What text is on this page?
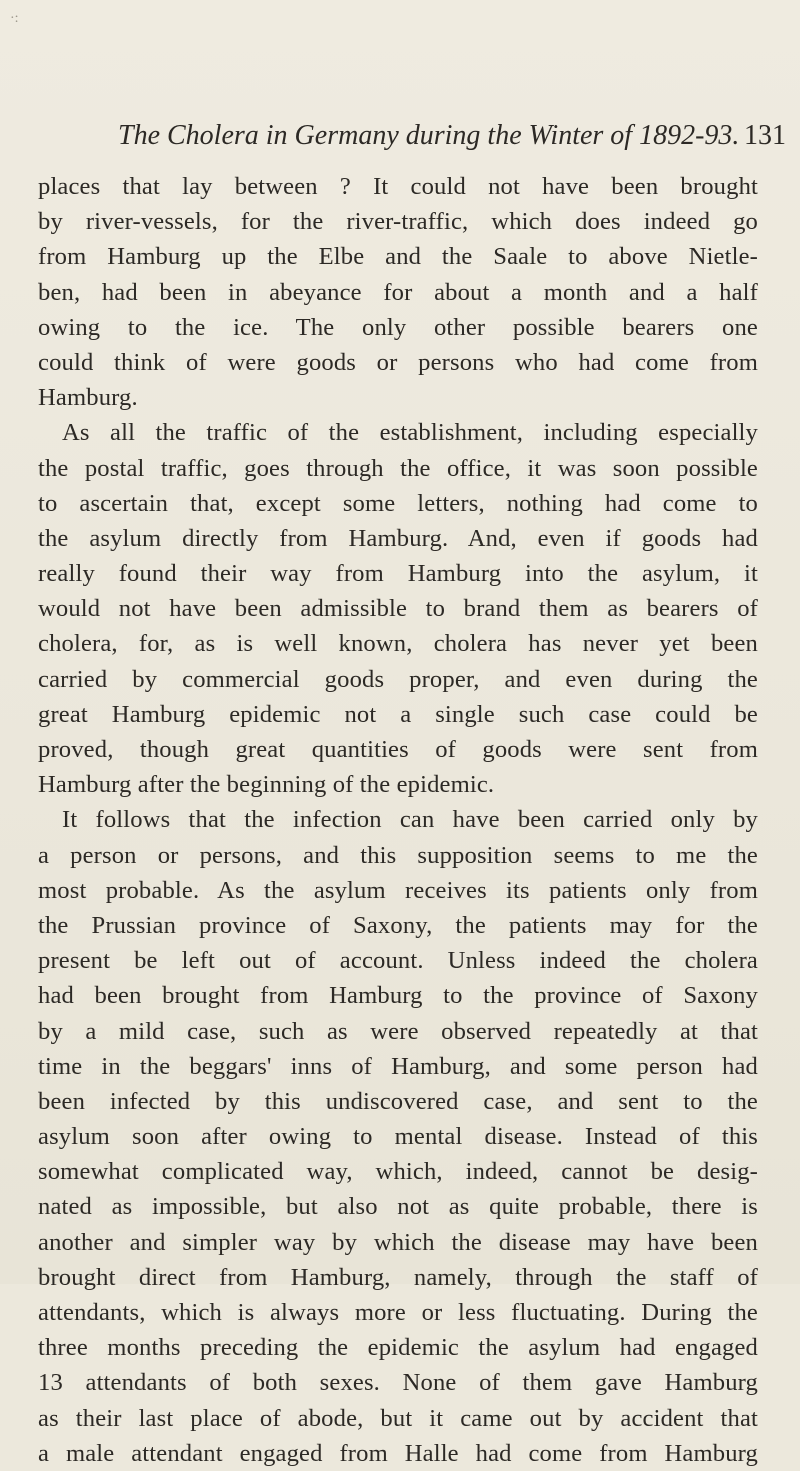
·:
The Cholera in Germany during the Winter of 1892-93. 131
places that lay between ? It could not have been brought
by river-vessels, for the river-traffic, which does indeed go
from Hamburg up the Elbe and the Saale to above Nietle-
ben, had been in abeyance for about a month and a half
owing to the ice. The only other possible bearers one
could think of were goods or persons who had come from
Hamburg.
As all the traffic of the establishment, including especially
the postal traffic, goes through the office, it was soon possible
to ascertain that, except some letters, nothing had come to
the asylum directly from Hamburg. And, even if goods had
really found their way from Hamburg into the asylum, it
would not have been admissible to brand them as bearers of
cholera, for, as is well known, cholera has never yet been
carried by commercial goods proper, and even during the
great Hamburg epidemic not a single such case could be
proved, though great quantities of goods were sent from
Hamburg after the beginning of the epidemic.
It follows that the infection can have been carried only by
a person or persons, and this supposition seems to me the
most probable. As the asylum receives its patients only from
the Prussian province of Saxony, the patients may for the
present be left out of account. Unless indeed the cholera
had been brought from Hamburg to the province of Saxony
by a mild case, such as were observed repeatedly at that
time in the beggars' inns of Hamburg, and some person had
been infected by this undiscovered case, and sent to the
asylum soon after owing to mental disease. Instead of this
somewhat complicated way, which, indeed, cannot be desig-
nated as impossible, but also not as quite probable, there is
another and simpler way by which the disease may have been
brought direct from Hamburg, namely, through the staff of
attendants, which is always more or less fluctuating. During the
three months preceding the epidemic the asylum had engaged
13 attendants of both sexes. None of them gave Hamburg
as their last place of abode, but it came out by accident that
a male attendant engaged from Halle had come from Hamburg
